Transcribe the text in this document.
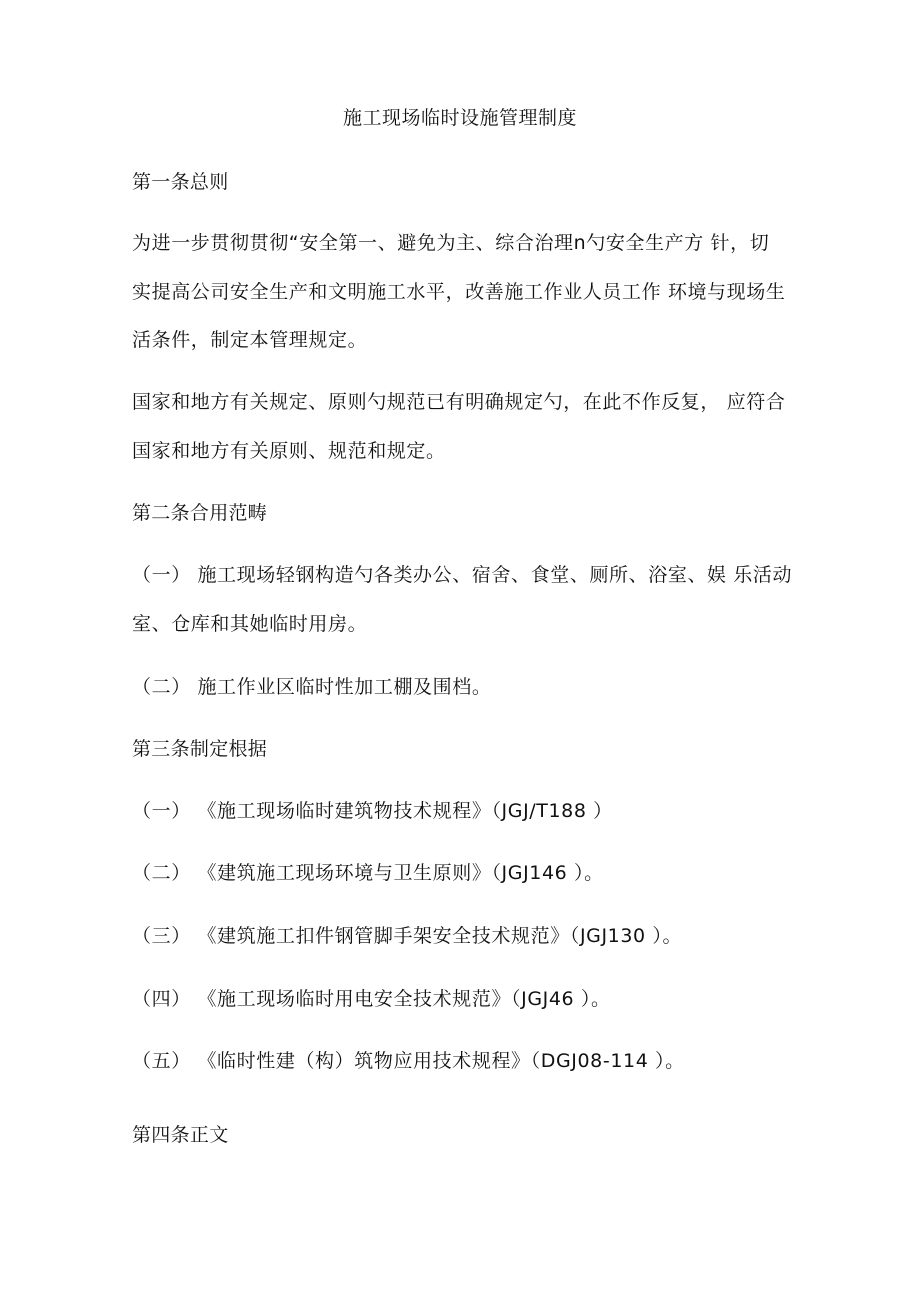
施工现场临时设施管理制度
第一条总则
为进一步贯彻贯彻“安全第一、避免为主、综合治理n勺安全生产方 针，切
实提高公司安全生产和文明施工水平，改善施工作业人员工作 环境与现场生
活条件，制定本管理规定。
国家和地方有关规定、原则勺规范已有明确规定勺，在此不作反复， 应符合
国家和地方有关原则、规范和规定。
第二条合用范畴
（一） 施工现场轻钢构造勺各类办公、宿舍、食堂、厕所、浴室、娱 乐活动
室、仓库和其她临时用房。
（二） 施工作业区临时性加工棚及围档。
第三条制定根据
（一） 《施工现场临时建筑物技术规程》（JGJ/T188 ）
（二） 《建筑施工现场环境与卫生原则》（JGJ146 ）。
（三） 《建筑施工扣件钢管脚手架安全技术规范》（JGJ130 ）。
（四） 《施工现场临时用电安全技术规范》（JGJ46 ）。
（五） 《临时性建（构）筑物应用技术规程》（DGJ08-114 ）。
第四条正文
